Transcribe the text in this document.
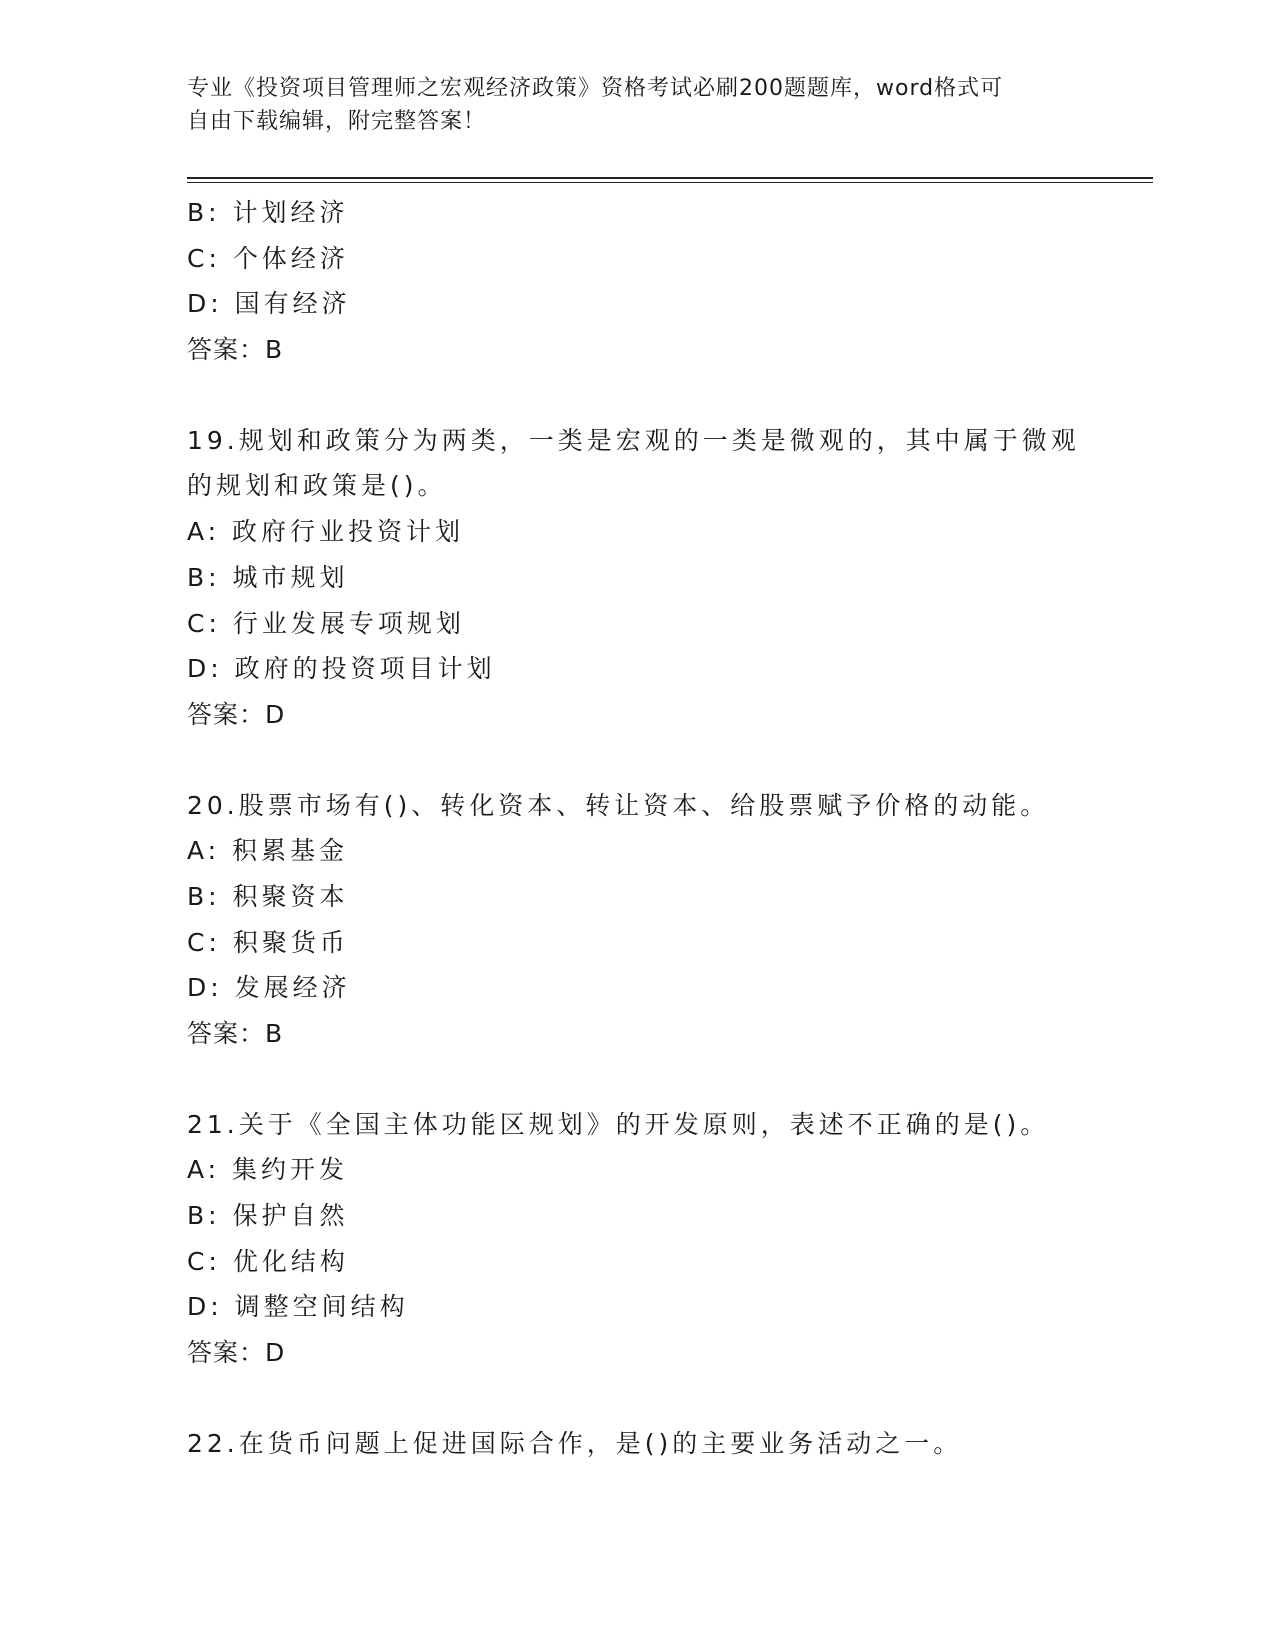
专业《投资项目管理师之宏观经济政策》资格考试必刷200题题库，word格式可
自由下载编辑，附完整答案！
B: 计划经济
C: 个体经济
D: 国有经济
答案：B
19.规划和政策分为两类，一类是宏观的一类是微观的，其中属于微观
的规划和政策是()。
A: 政府行业投资计划
B: 城市规划
C: 行业发展专项规划
D: 政府的投资项目计划
答案：D
20.股票市场有()、转化资本、转让资本、给股票赋予价格的动能。
A: 积累基金
B: 积聚资本
C: 积聚货币
D: 发展经济
答案：B
21.关于《全国主体功能区规划》的开发原则，表述不正确的是()。
A: 集约开发
B: 保护自然
C: 优化结构
D: 调整空间结构
答案：D
22.在货币问题上促进国际合作，是()的主要业务活动之一。
